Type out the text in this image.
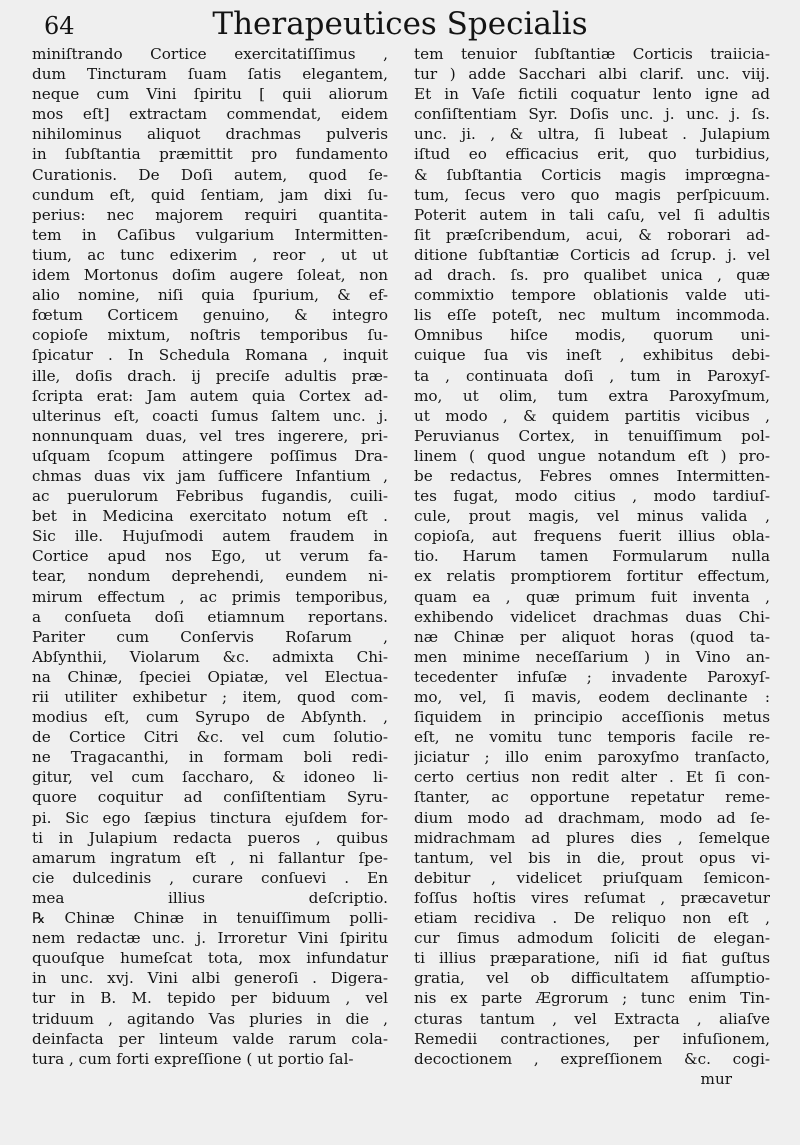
64	Therapeutices Specialis
miniſtrando Cortice exercitatiſſimus ,
dum Tincturam ſuam ſatis elegantem,
neque cum Vini ſpiritu [ quii aliorum
mos eſt] extractam commendat, eidem
nihilominus aliquot drachmas pulveris
in ſubſtantia præmittit pro fundamento
Curationis. De Doſi autem, quod ſe-
cundum eſt, quid ſentiam, jam dixi ſu-
perius: nec majorem requiri quantita-
tem in Caſibus vulgarium Intermitten-
tium, ac tunc edixerim , reor , ut ut
idem Mortonus doſim augere ſoleat, non
alio nomine, niſi quia ſpurium, & ef-
fœtum Corticem genuino, & integro
copioſe mixtum, noſtris temporibus ſu-
ſpicatur . In Schedula Romana , inquit
ille, doſis drach. ij preciſe adultis præ-
ſcripta erat: Jam autem quia Cortex ad-
ulterinus eſt, coacti ſumus ſaltem unc. j.
nonnunquam duas, vel tres ingerere, pri-
uſquam ſcopum attingere poſſimus Dra-
chmas duas vix jam ſufficere Infantium ,
ac puerulorum Febribus fugandis, cuili-
bet in Medicina exercitato notum eſt .
Sic ille. Hujuſmodi autem fraudem in
Cortice apud nos Ego, ut verum fa-
tear, nondum deprehendi, eundem ni-
mirum effectum , ac primis temporibus,
a conſueta doſi etiamnum reportans.
Pariter cum Conſervis Roſarum ,
Abſynthii, Violarum &c. admixta Chi-
na Chinæ, ſpeciei Opiatæ, vel Electua-
rii utiliter exhibetur ; item, quod com-
modius eſt, cum Syrupo de Abſynth. ,
de Cortice Citri &c. vel cum ſolutio-
ne Tragacanthi, in formam boli redi-
gitur, vel cum ſaccharo, & idoneo li-
quore coquitur ad conſiſtentiam Syru-
pi. Sic ego ſæpius tinctura ejuſdem for-
ti in Julapium redacta pueros , quibus
amarum ingratum eſt , ni fallantur ſpe-
cie dulcedinis , curare conſuevi . En
mea illius deſcriptio.
℞ Chinæ Chinæ in tenuiſſimum polli-
nem redactæ unc. j. Irroretur Vini ſpiritu
quouſque humeſcat tota, mox infundatur
in unc. xvj. Vini albi generoſi . Digera-
tur in B. M. tepido per biduum , vel
triduum , agitando Vas pluries in die ,
deinfacta per linteum valde rarum cola-
tura , cum forti expreſſione ( ut portio ſal-
tem tenuior ſubſtantiæ Corticis traiicia-
tur ) adde Sacchari albi clarif. unc. viij.
Et in Vaſe fictili coquatur lento igne ad
conſiſtentiam Syr. Doſis unc. j. unc. j. ſs.
unc. ji. , & ultra, ſi lubeat . Julapium
iſtud eo efficacius erit, quo turbidius,
& ſubſtantia Corticis magis imprœgna-
tum, ſecus vero quo magis perſpicuum.
Poterit autem in tali caſu, vel ſi adultis
ſit præſcribendum, acui, & roborari ad-
ditione ſubſtantiæ Corticis ad ſcrup. j. vel
ad drach. ſs. pro qualibet unica , quæ
commixtio tempore oblationis valde uti-
lis eſſe poteſt, nec multum incommoda.
Omnibus hiſce modis, quorum uni-
cuique ſua vis ineſt , exhibitus debi-
ta , continuata doſi , tum in Paroxyſ-
mo, ut olim, tum extra Paroxyſmum,
ut modo , & quidem partitis vicibus ,
Peruvianus Cortex, in tenuiſſimum pol-
linem ( quod ungue notandum eſt ) pro-
be redactus, Febres omnes Intermitten-
tes fugat, modo citius , modo tardiuſ-
cule, prout magis, vel minus valida ,
copioſa, aut frequens fuerit illius obla-
tio. Harum tamen Formularum nulla
ex relatis promptiorem fortitur effectum,
quam ea , quæ primum fuit inventa ,
exhibendo videlicet drachmas duas Chi-
næ Chinæ per aliquot horas (quod ta-
men minime neceſſarium ) in Vino an-
tecedenter infuſæ ; invadente Paroxyſ-
mo, vel, ſi mavis, eodem declinante :
ſiquidem in principio acceſſionis metus
eſt, ne vomitu tunc temporis facile re-
jiciatur ; illo enim paroxyſmo tranſacto,
certo certius non redit alter . Et ſi con-
ſtanter, ac opportune repetatur reme-
dium modo ad drachmam, modo ad ſe-
midrachmam ad plures dies , ſemelque
tantum, vel bis in die, prout opus vi-
debitur , videlicet priuſquam ſemicon-
foſſus hoſtis vires reſumat , præcavetur
etiam recidiva . De reliquo non eſt ,
cur ſimus admodum ſoliciti de elegan-
ti illius præparatione, niſi id fiat guſtus
gratia, vel ob difficultatem aſſumptio-
nis ex parte Ægrorum ; tunc enim Tin-
cturas tantum , vel Extracta , aliaſve
Remedii contractiones, per infuſionem,
decoctionem , expreſſionem &c. cogi-
mur
